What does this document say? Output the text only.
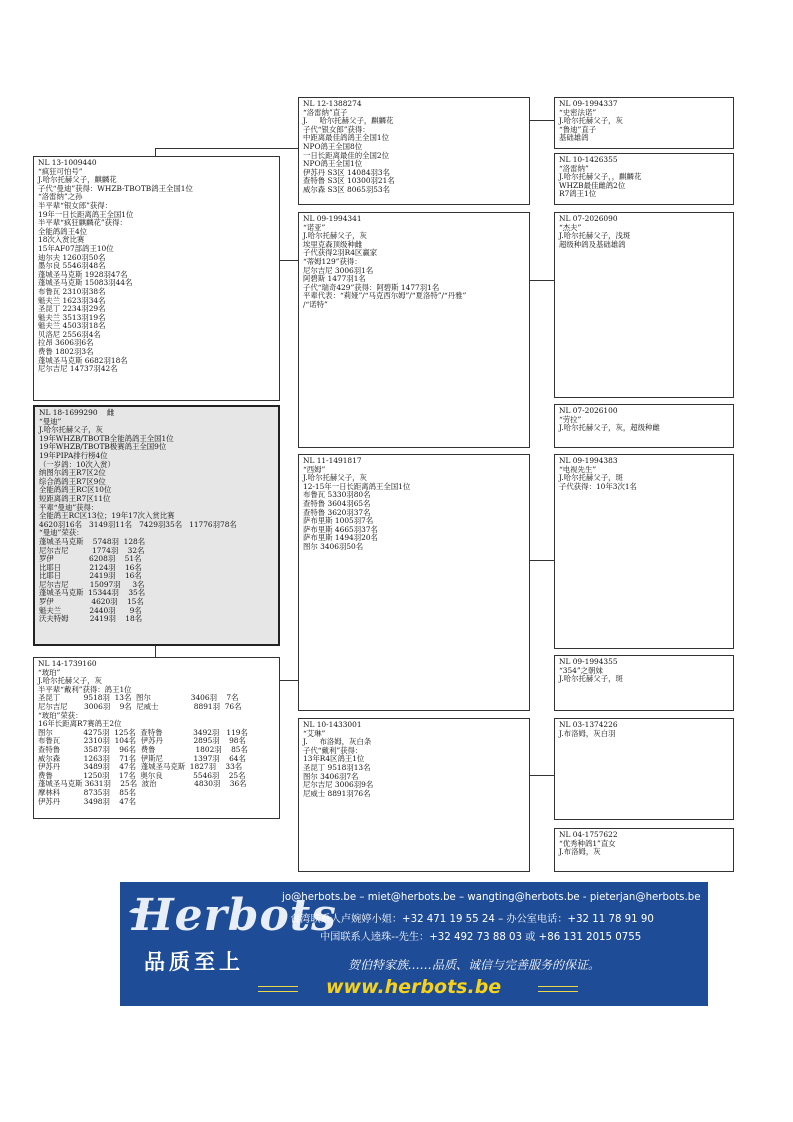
NL 13-1009440
“疯狂可怕号”
J.哈尔托赫父子，麒麟花
子代“曼迪”获得：WHZB-TBOTB鸽王全国1位
“洛雷纳”之孙
半平辈“银女郎”获得：
19年一日长距离鸽王全国1位
半平辈“疯狂麒麟花”获得：
全能鸽鸽王4位
18次入赏比赛
15年AF07部鸽王10位
迪尔夫 1260羽50名
墨尔良 5546羽48名
蓬城圣马克斯 1928羽47名
蓬城圣马克斯 15083羽44名
布鲁瓦 2310羽38名
魁夫兰 1623羽34名
圣昆丁 2234羽29名
魁夫兰 3513羽19名
魁夫兰 4503羽18名
贝洛尼 2556羽4名
拉昂 3606羽6名
费鲁 1802羽3名
蓬城圣马克斯 6682羽18名
尼尔吉尼 14737羽42名
NL 18-1699290    雌
“曼迪”
J.哈尔托赫父子，灰
19年WHZB/TBOTB全能鸽鸽王全国1位
19年WHZB/TBOTB极赛鸽王全国9位
19年PIPA排行榜4位
（一岁鸽：10次入赏）
纳图尔鸽王R7区2位
综合鸽鸽王R7区9位
全能鸽鸽王RC区10位
短距离鸽王R7区11位
平辈“曼迪”获得：
全能鸽王RC区13位；19年17次入赏比赛
4620羽16名   3149羽11名   7429羽35名   11776羽78名
“曼迪”荣获：
蓬城圣马克斯    5748羽  128名
尼尔吉尼          1774羽    32名
罗伊               6208羽    51名
比耶日            2124羽    16名
比耶日            2419羽    16名
尼尔吉尼         15097羽     3名
蓬城圣马克斯  15344羽    35名
罗伊                4620羽    15名
魁夫兰            2440羽      9名
沃夫特姆         2419羽    18名
NL 14-1739160
“玻珀”
J.哈尔托赫父子，灰
半平辈“戴利”获得：鸽王1位
圣昆丁          9518羽  13名  图尔                 3406羽    7名
尼尔吉尼       3006羽    9名  尼威士               8891羽  76名
“玻珀”荣获：
16年长距离R7赛鸽王2位
图尔             4275羽  125名  查特鲁             3492羽   119名
布鲁瓦          2310羽  104名  伊苏丹             2895羽    98名
查特鲁          3587羽    96名  费鲁                 1802羽    85名
威尔森          1263羽    71名  伊斯尼             1397羽    64名
伊苏丹          3489羽    47名  蓬城圣马克斯  1827羽    33名
费鲁             1250羽    17名  奥尔良             5546羽    25名
蓬城圣马克斯 3631羽    25名  波治                4830羽    36名
摩林科          8735羽    85名
伊苏丹          3498羽    47名
NL 12-1388274
“洛雷纳”直子
J.     哈尔托赫父子，麒麟花
子代“银女郎”获得：
中距离最佳鸽鸽王全国1位
NPO鸽王全国8位
一日长距离最佳的全国2位
NPO鸽王全国1位
伊苏丹 S3区 14084羽3名
查特鲁 S3区 10300羽21名
威尔森 S3区 8065羽53名
NL 09-1994341
“诺亚”
J.哈尔托赫父子，灰
埃里克森顶级种雌
子代获得2羽R4区赢家
“蒂姆129”获得：
尼尔吉尼 3006羽1名
阿碧斯 1477羽1名
子代“瑞奇429”获得：阿碧斯 1477羽1名
平辈代表：“莉娅”/“马克西尔姆”/“夏洛特”/“丹雅”
/“诺特”
NL 11-1491817
“西姆”
J.哈尔托赫父子，灰
12-15年一日长距离鸽王全国1位
布鲁瓦 5330羽80名
查特鲁 3604羽65名
查特鲁 3620羽37名
萨布里斯 1005羽7名
萨布里斯 4665羽37名
萨布里斯 1494羽20名
图尔 3406羽50名
NL 10-1433001
“艾琳”
J.     布洛姆，灰白条
子代“戴利”获得：
13年R4区鸽王1位
圣昆丁 9518羽13名
图尔 3406羽7名
尼尔吉尼 3006羽9名
尼威士 8891羽76名
NL 09-1994337
“史密法诺”
J.哈尔托赫父子，灰
“鲁迪”直子
基础雄鸽
NL 10-1426355
“洛雷纳”
J.哈尔托赫父子，，麒麟花
WHZB最佳雌鸽2位
R7鸽王1位
NL 07-2026090
“杰夫”
J.哈尔托赫父子，浅斑
超级种鸽及基础雄鸽
NL 07-2026100
“劳拉”
J.哈尔托赫父子，灰，超级种雌
NL 09-1994383
“电视先生”
J.哈尔托赫父子，斑
子代获得：10年3次1名
NL 09-1994355
“354”之朝妹
J.哈尔托赫父子，斑
NL 03-1374226
J.布洛姆，灰白羽
NL 04-1757622
“优秀种鸽1”直女
J.布洛姆，灰
Herbots
品质至上
jo@herbots.be – miet@herbots.be – wangting@herbots.be - pieterjan@herbots.be
台湾联系人卢婉婷小姐：+32 471 19 55 24 – 办公室电话：+32 11 78 91 90
中国联系人逵珠--先生：+32 492 73 88 03 或 +86 131 2015 0755
贺伯特家族……品质、诚信与完善服务的保证。
www.herbots.be
